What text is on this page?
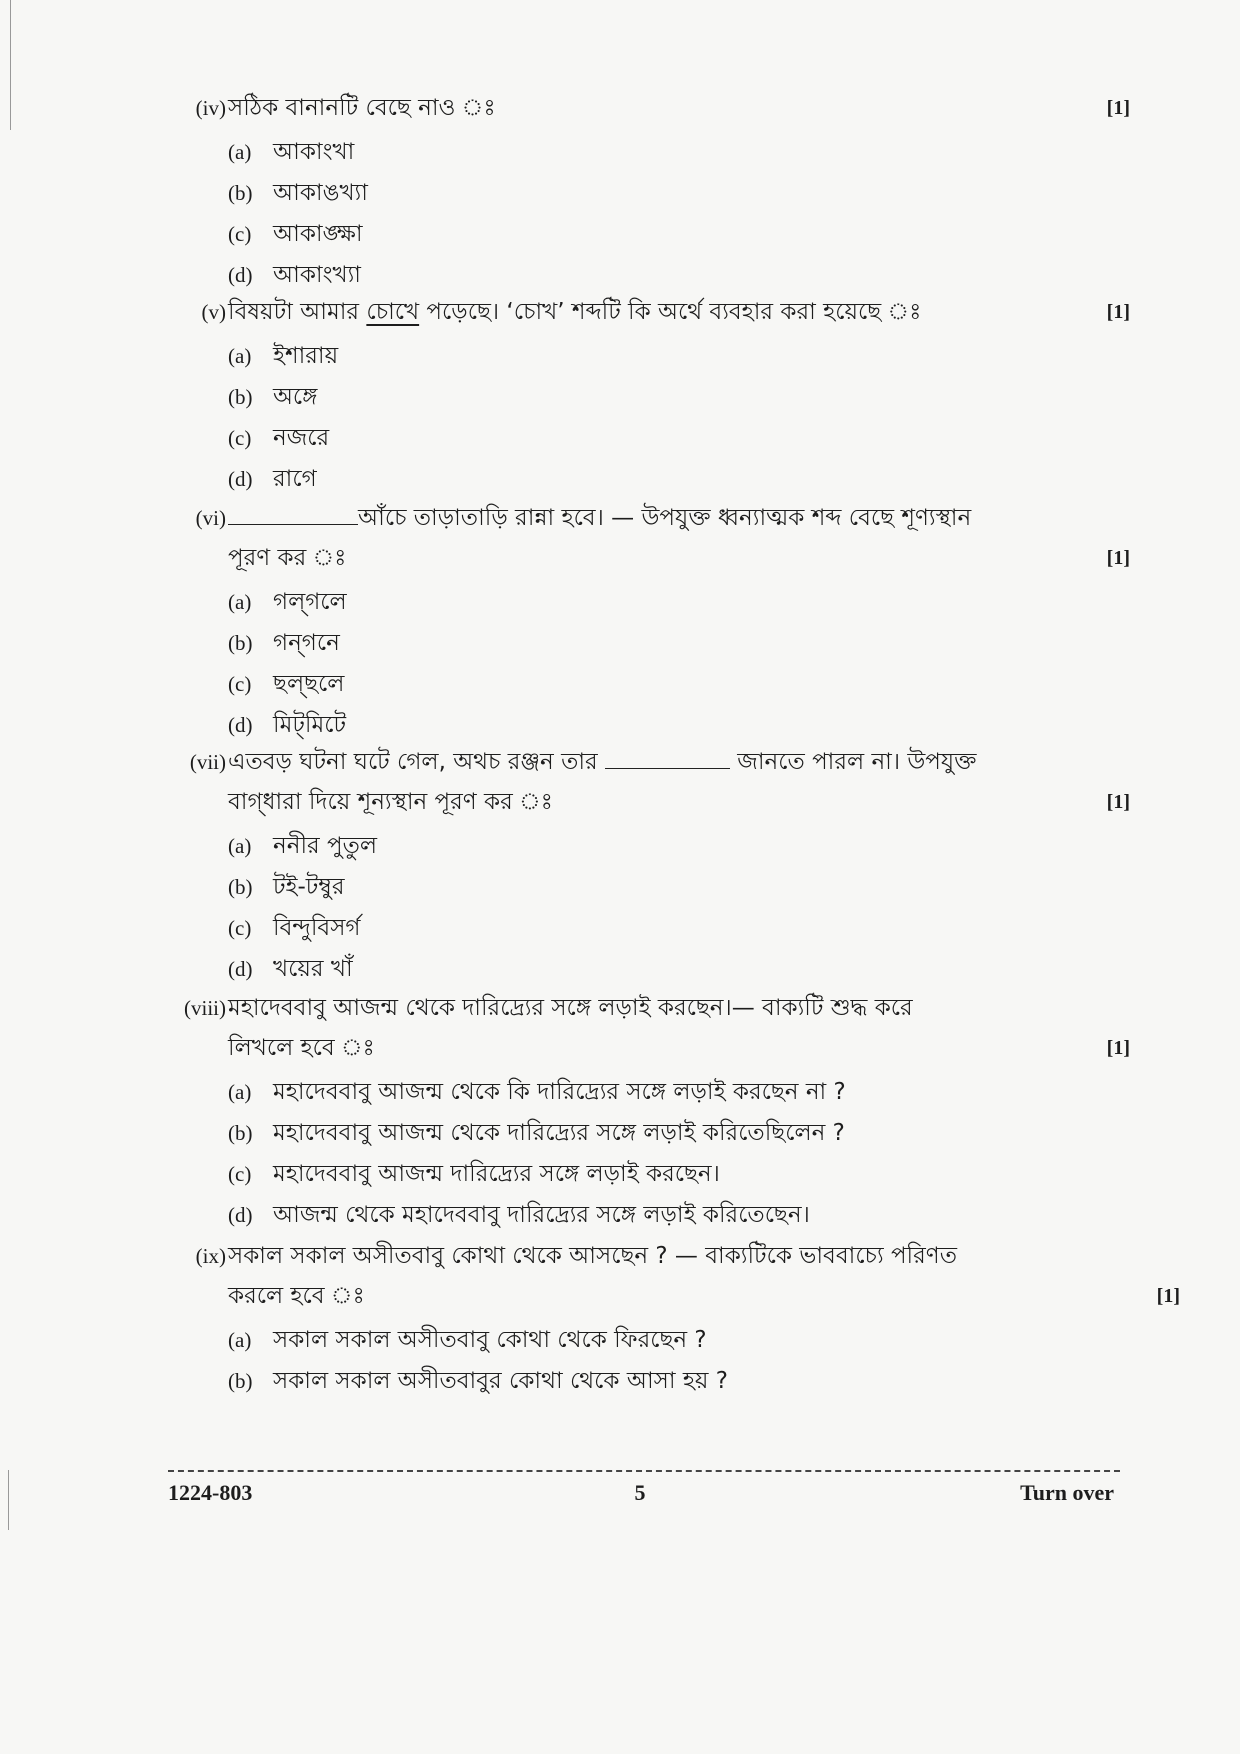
(iv) সঠিক বানানটি বেছে নাও ঃ	[1]
(a) আকাংখা
(b) আকাঙখ্যা
(c) আকাঙ্ক্ষা
(d) আকাংখ্যা
(v) বিষয়টা আমার চোখে পড়েছে। ‘চোখ’ শব্দটি কি অর্থে ব্যবহার করা হয়েছে ঃ	[1]
(a) ইশারায়
(b) অঙ্গে
(c) নজরে
(d) রাগে
(vi)	আঁচে তাড়াতাড়ি রান্না হবে। — উপযুক্ত ধ্বন্যাত্মক শব্দ বেছে শূণ্যস্থান
পূরণ কর ঃ	[1]
(a) গল্‌গলে
(b) গন্‌গনে
(c) ছল্‌ছলে
(d) মিট্‌মিটে
(vii) এতবড় ঘটনা ঘটে গেল, অথচ রঞ্জন তার	জানতে পারল না। উপযুক্ত
বাগ্‌ধারা দিয়ে শূন্যস্থান পূরণ কর ঃ	[1]
(a) ননীর পুতুল
(b) টই-টম্বুর
(c) বিন্দুবিসর্গ
(d) খয়ের খাঁ
(viii) মহাদেববাবু আজন্ম থেকে দারিদ্র্যের সঙ্গে লড়াই করছেন।— বাক্যটি শুদ্ধ করে
লিখলে হবে ঃ	[1]
(a) মহাদেববাবু আজন্ম থেকে কি দারিদ্র্যের সঙ্গে লড়াই করছেন না ?
(b) মহাদেববাবু আজন্ম থেকে দারিদ্র্যের সঙ্গে লড়াই করিতেছিলেন ?
(c) মহাদেববাবু আজন্ম দারিদ্র্যের সঙ্গে লড়াই করছেন।
(d) আজন্ম থেকে মহাদেববাবু দারিদ্র্যের সঙ্গে লড়াই করিতেছেন।
(ix) সকাল সকাল অসীতবাবু কোথা থেকে আসছেন ? — বাক্যটিকে ভাববাচ্যে পরিণত
করলে হবে ঃ	[1]
(a) সকাল সকাল অসীতবাবু কোথা থেকে ফিরছেন ?
(b) সকাল সকাল অসীতবাবুর কোথা থেকে আসা হয় ?
1224-803	5	Turn over
